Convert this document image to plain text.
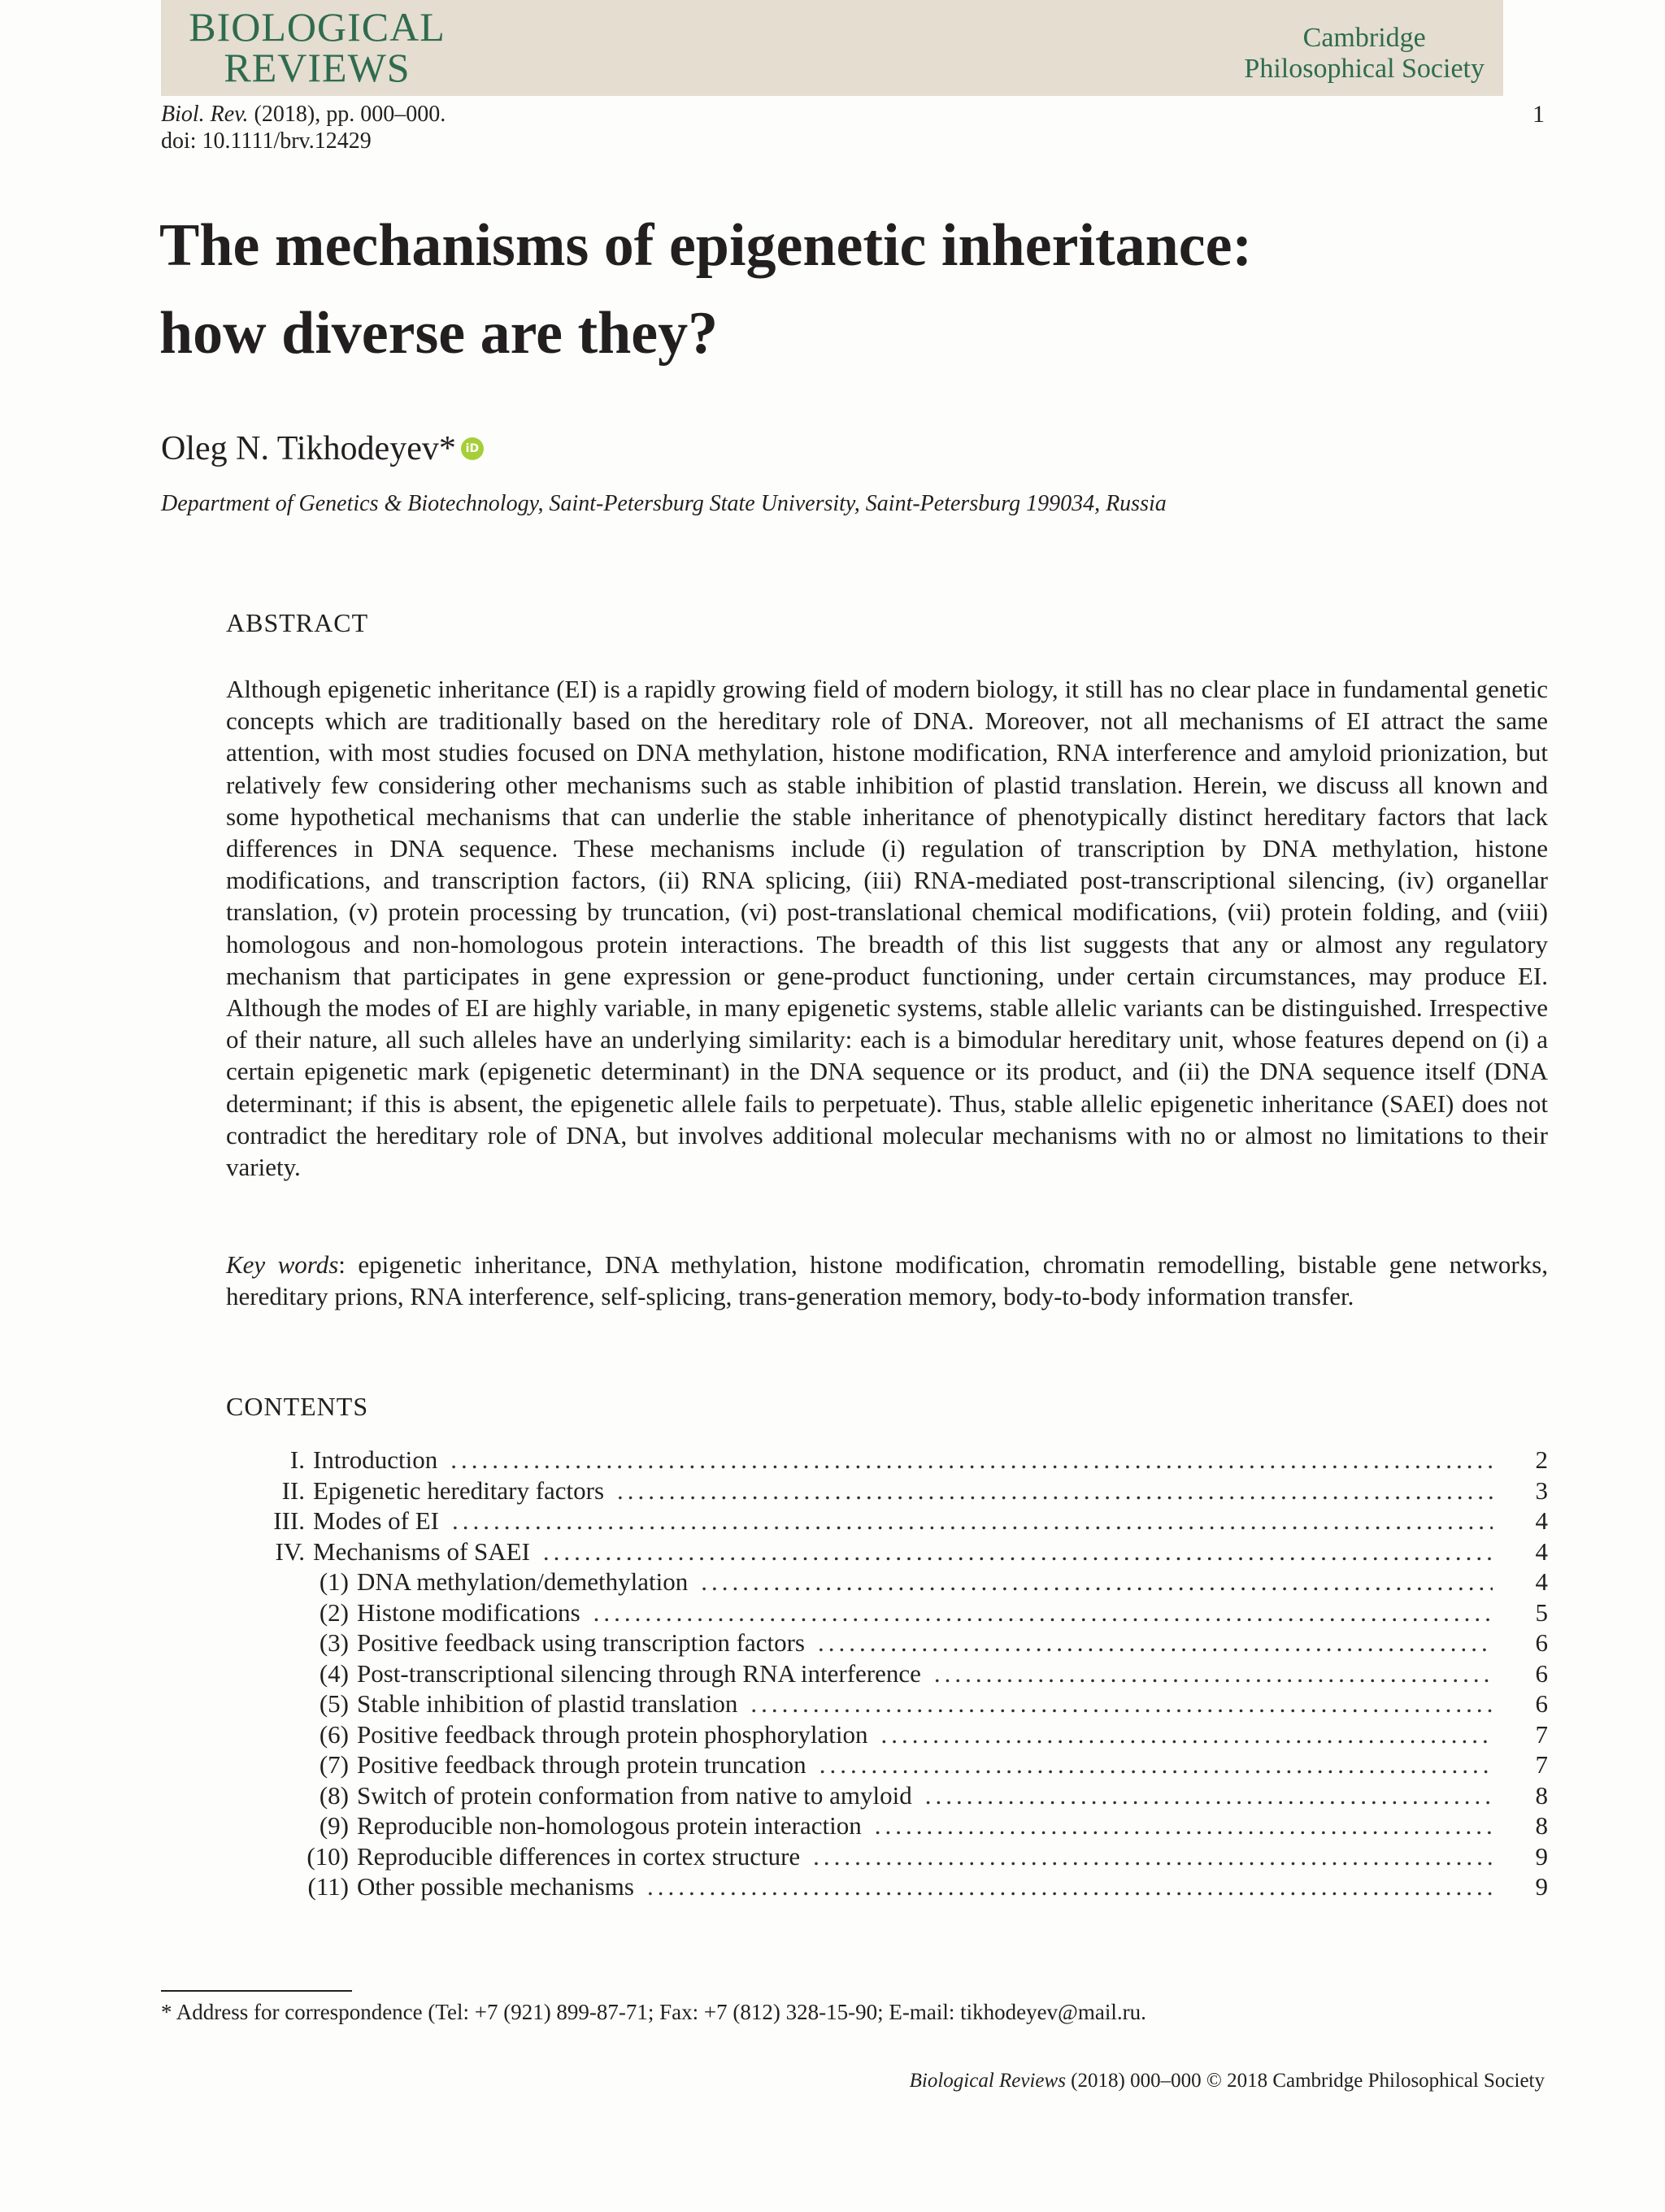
BIOLOGICAL
REVIEWS
Cambridge
Philosophical Society
Biol. Rev. (2018), pp. 000–000.
doi: 10.1111/brv.12429
1
The mechanisms of epigenetic inheritance:
how diverse are they?
Oleg N. Tikhodeyev* iD
Department of Genetics & Biotechnology, Saint-Petersburg State University, Saint-Petersburg 199034, Russia
ABSTRACT

Although epigenetic inheritance (EI) is a rapidly growing field of modern biology, it still has no clear place in fundamental genetic concepts which are traditionally based on the hereditary role of DNA. Moreover, not all mechanisms of EI attract the same attention, with most studies focused on DNA methylation, histone modification, RNA interference and amyloid prionization, but relatively few considering other mechanisms such as stable inhibition of plastid translation. Herein, we discuss all known and some hypothetical mechanisms that can underlie the stable inheritance of phenotypically distinct hereditary factors that lack differences in DNA sequence. These mechanisms include (i) regulation of transcription by DNA methylation, histone modifications, and transcription factors, (ii) RNA splicing, (iii) RNA-mediated post-transcriptional silencing, (iv) organellar translation, (v) protein processing by truncation, (vi) post-translational chemical modifications, (vii) protein folding, and (viii) homologous and non-homologous protein interactions. The breadth of this list suggests that any or almost any regulatory mechanism that participates in gene expression or gene-product functioning, under certain circumstances, may produce EI. Although the modes of EI are highly variable, in many epigenetic systems, stable allelic variants can be distinguished. Irrespective of their nature, all such alleles have an underlying similarity: each is a bimodular hereditary unit, whose features depend on (i) a certain epigenetic mark (epigenetic determinant) in the DNA sequence or its product, and (ii) the DNA sequence itself (DNA determinant; if this is absent, the epigenetic allele fails to perpetuate). Thus, stable allelic epigenetic inheritance (SAEI) does not contradict the hereditary role of DNA, but involves additional molecular mechanisms with no or almost no limitations to their variety.

Key words: epigenetic inheritance, DNA methylation, histone modification, chromatin remodelling, bistable gene networks, hereditary prions, RNA interference, self-splicing, trans-generation memory, body-to-body information transfer.

CONTENTS
I. Introduction .....	2
II. Epigenetic hereditary factors .....	3
III. Modes of EI .....	4
IV. Mechanisms of SAEI .....	4
(1) DNA methylation/demethylation .....	4
(2) Histone modifications .....	5
(3) Positive feedback using transcription factors .....	6
(4) Post-transcriptional silencing through RNA interference .....	6
(5) Stable inhibition of plastid translation .....	6
(6) Positive feedback through protein phosphorylation .....	7
(7) Positive feedback through protein truncation .....	7
(8) Switch of protein conformation from native to amyloid .....	8
(9) Reproducible non-homologous protein interaction .....	8
(10) Reproducible differences in cortex structure .....	9
(11) Other possible mechanisms .....	9
* Address for correspondence (Tel: +7 (921) 899-87-71; Fax: +7 (812) 328-15-90; E-mail: tikhodeyev@mail.ru.
Biological Reviews (2018) 000–000 © 2018 Cambridge Philosophical Society
